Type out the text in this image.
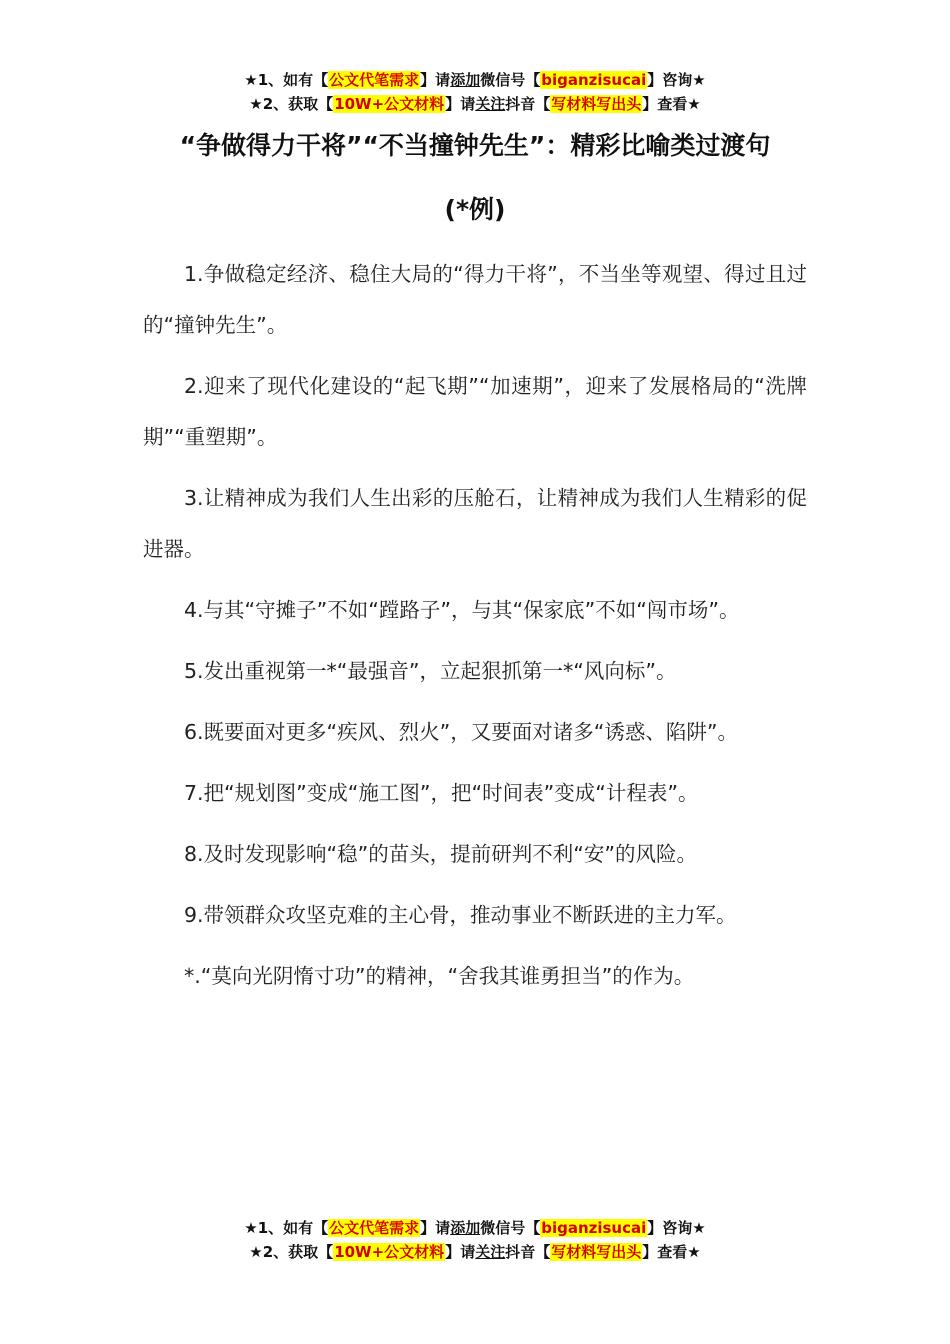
★1、如有【公文代笔需求】请添加微信号【biganzisucai】咨询★
★2、获取【10W+公文材料】请关注抖音【写材料写出头】查看★
“争做得力干将”“不当撞钟先生”：精彩比喻类过渡句
(*例)

1.争做稳定经济、稳住大局的“得力干将”，不当坐等观望、得过且过的“撞钟先生”。

2.迎来了现代化建设的“起飞期”“加速期”，迎来了发展格局的“洗牌期”“重塑期”。

3.让精神成为我们人生出彩的压舱石，让精神成为我们人生精彩的促进器。

4.与其“守摊子”不如“蹚路子”，与其“保家底”不如“闯市场”。

5.发出重视第一*“最强音”，立起狠抓第一*“风向标”。

6.既要面对更多“疾风、烈火”，又要面对诸多“诱惑、陷阱”。

7.把“规划图”变成“施工图”，把“时间表”变成“计程表”。

8.及时发现影响“稳”的苗头，提前研判不利“安”的风险。

9.带领群众攻坚克难的主心骨，推动事业不断跃进的主力军。

*.“莫向光阴惰寸功”的精神，“舍我其谁勇担当”的作为。

★1、如有【公文代笔需求】请添加微信号【biganzisucai】咨询★
★2、获取【10W+公文材料】请关注抖音【写材料写出头】查看★
